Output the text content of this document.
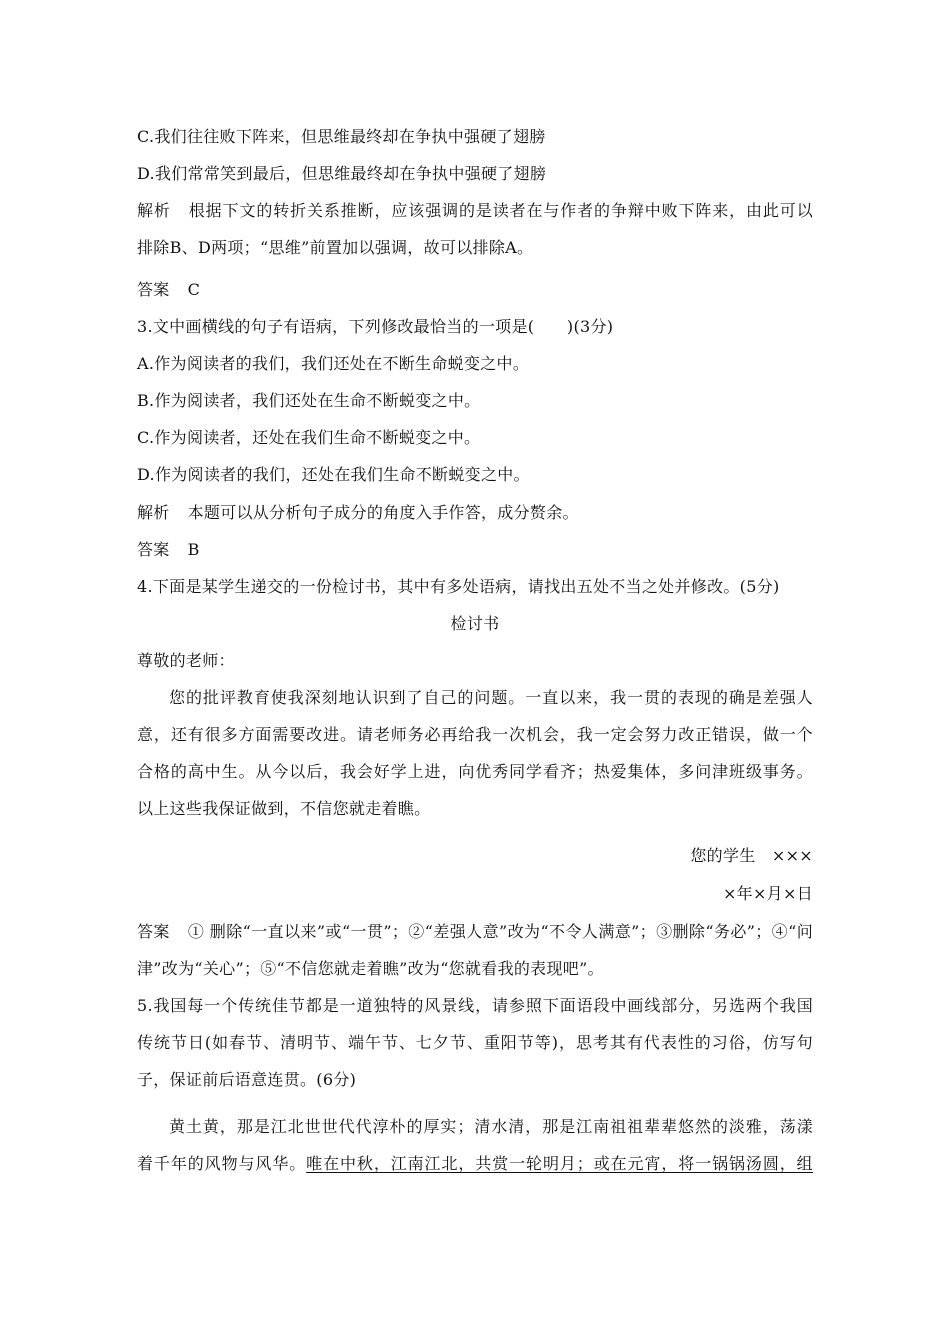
C.我们往往败下阵来，但思维最终却在争执中强硬了翅膀
D.我们常常笑到最后，但思维最终却在争执中强硬了翅膀
解析 根据下文的转折关系推断，应该强调的是读者在与作者的争辩中败下阵来，由此可以
排除B、D两项；“思维”前置加以强调，故可以排除A。
答案 C
3.文中画横线的句子有语病，下列修改最恰当的一项是(　　)(3分)
A.作为阅读者的我们，我们还处在不断生命蜕变之中。
B.作为阅读者，我们还处在生命不断蜕变之中。
C.作为阅读者，还处在我们生命不断蜕变之中。
D.作为阅读者的我们，还处在我们生命不断蜕变之中。
解析 本题可以从分析句子成分的角度入手作答，成分赘余。
答案 B
4.下面是某学生递交的一份检讨书，其中有多处语病，请找出五处不当之处并修改。(5分)
检讨书
尊敬的老师：
您的批评教育使我深刻地认识到了自己的问题。一直以来，我一贯的表现的确是差强人
意，还有很多方面需要改进。请老师务必再给我一次机会，我一定会努力改正错误，做一个
合格的高中生。从今以后，我会好学上进，向优秀同学看齐；热爱集体，多问津班级事务。
以上这些我保证做到，不信您就走着瞧。
您的学生　×××
×年×月×日
答案 ① 删除“一直以来”或“一贯”；②“差强人意”改为“不令人满意”；③删除“务必”；④“问
津”改为“关心”；⑤“不信您就走着瞧”改为“您就看我的表现吧”。
5.我国每一个传统佳节都是一道独特的风景线，请参照下面语段中画线部分，另选两个我国
传统节日(如春节、清明节、端午节、七夕节、重阳节等)，思考其有代表性的习俗，仿写句
子，保证前后语意连贯。(6分)
黄土黄，那是江北世世代代淳朴的厚实；清水清，那是江南祖祖辈辈悠然的淡雅，荡漾
着千年的风物与风华。唯在中秋，江南江北，共赏一轮明月；或在元宵，将一锅锅汤圆，组
